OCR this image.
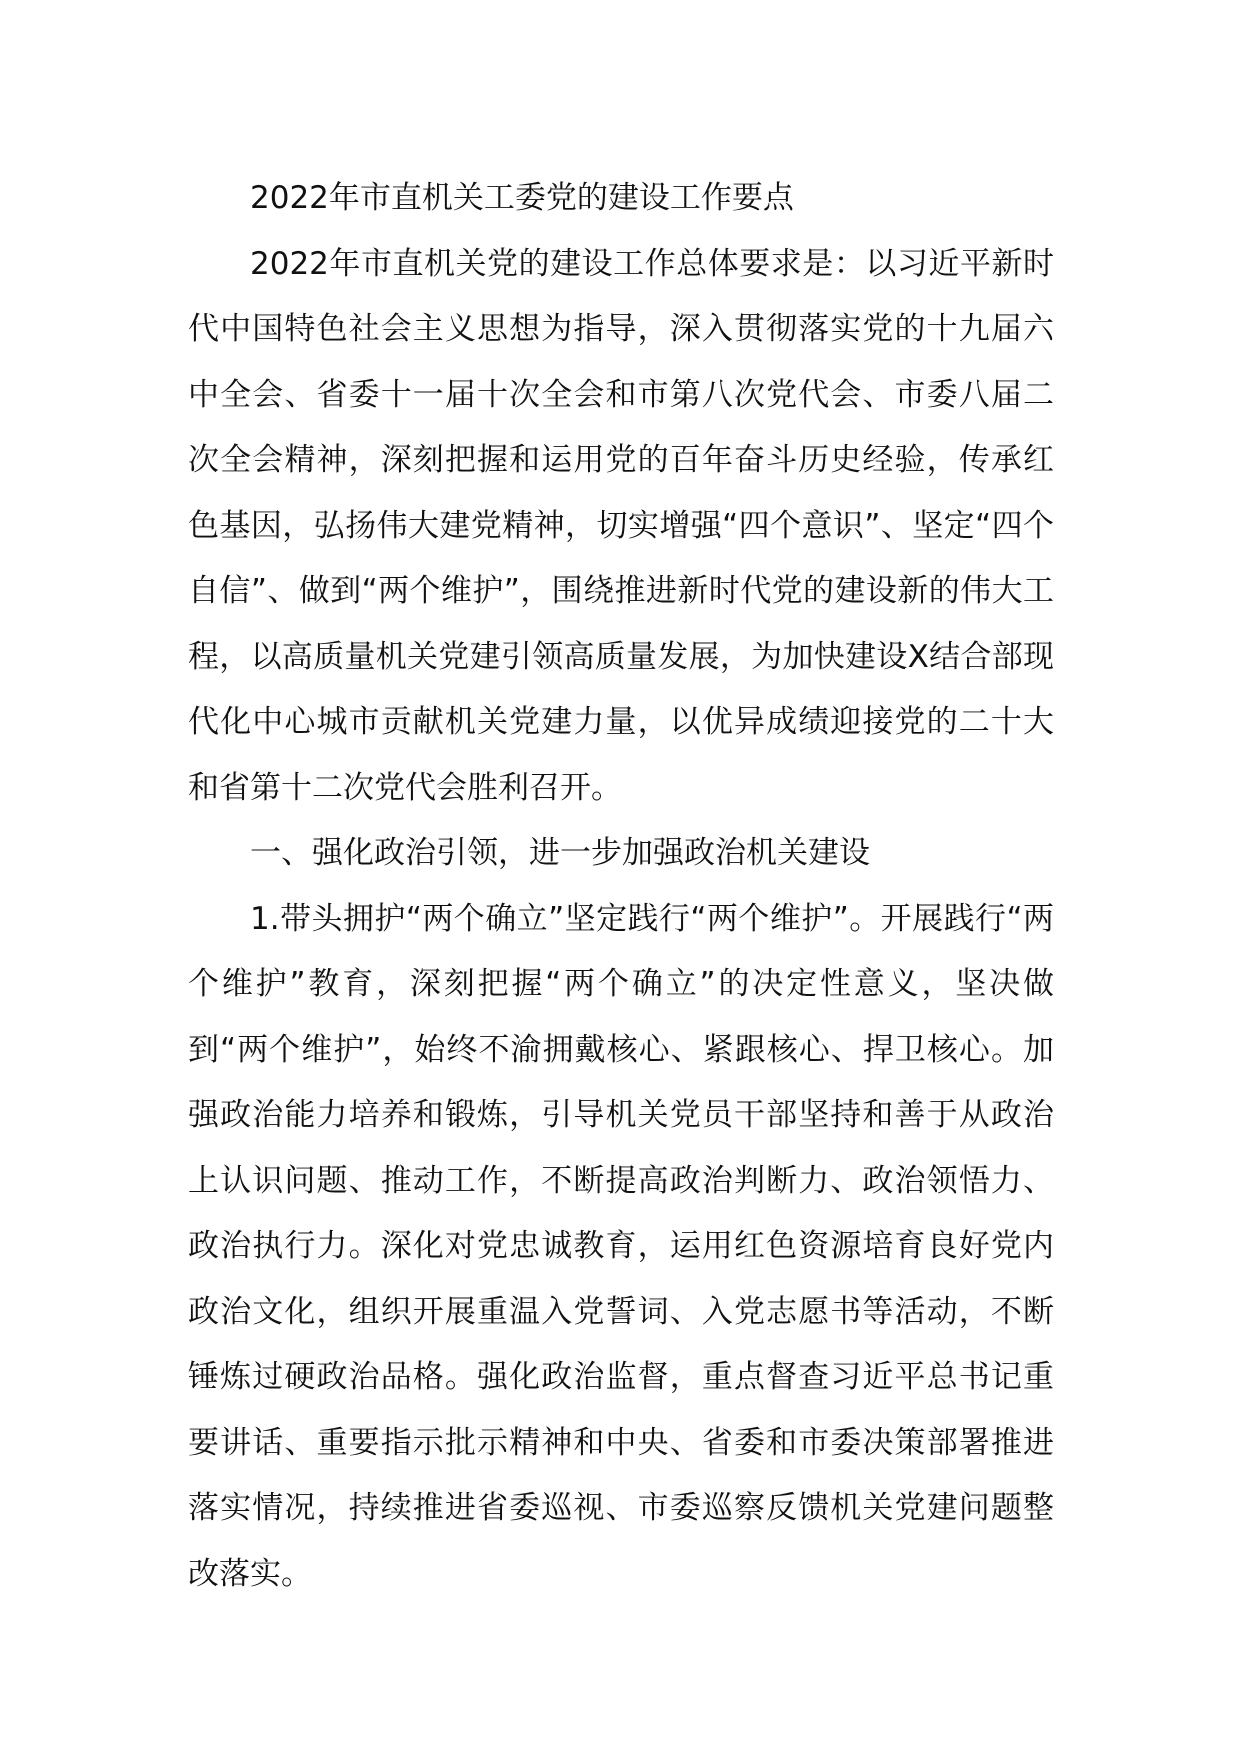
2022年市直机关工委党的建设工作要点

2022年市直机关党的建设工作总体要求是：以习近平新时代中国特色社会主义思想为指导，深入贯彻落实党的十九届六中全会、省委十一届十次全会和市第八次党代会、市委八届二次全会精神，深刻把握和运用党的百年奋斗历史经验，传承红色基因，弘扬伟大建党精神，切实增强“四个意识”、坚定“四个自信”、做到“两个维护”，围绕推进新时代党的建设新的伟大工程，以高质量机关党建引领高质量发展，为加快建设X结合部现代化中心城市贡献机关党建力量，以优异成绩迎接党的二十大和省第十二次党代会胜利召开。

一、强化政治引领，进一步加强政治机关建设

1.带头拥护“两个确立”坚定践行“两个维护”。开展践行“两个维护”教育，深刻把握“两个确立”的决定性意义，坚决做到“两个维护”，始终不渝拥戴核心、紧跟核心、捍卫核心。加强政治能力培养和锻炼，引导机关党员干部坚持和善于从政治上认识问题、推动工作，不断提高政治判断力、政治领悟力、政治执行力。深化对党忠诚教育，运用红色资源培育良好党内政治文化，组织开展重温入党誓词、入党志愿书等活动，不断锤炼过硬政治品格。强化政治监督，重点督查习近平总书记重要讲话、重要指示批示精神和中央、省委和市委决策部署推进落实情况，持续推进省委巡视、市委巡察反馈机关党建问题整改落实。
